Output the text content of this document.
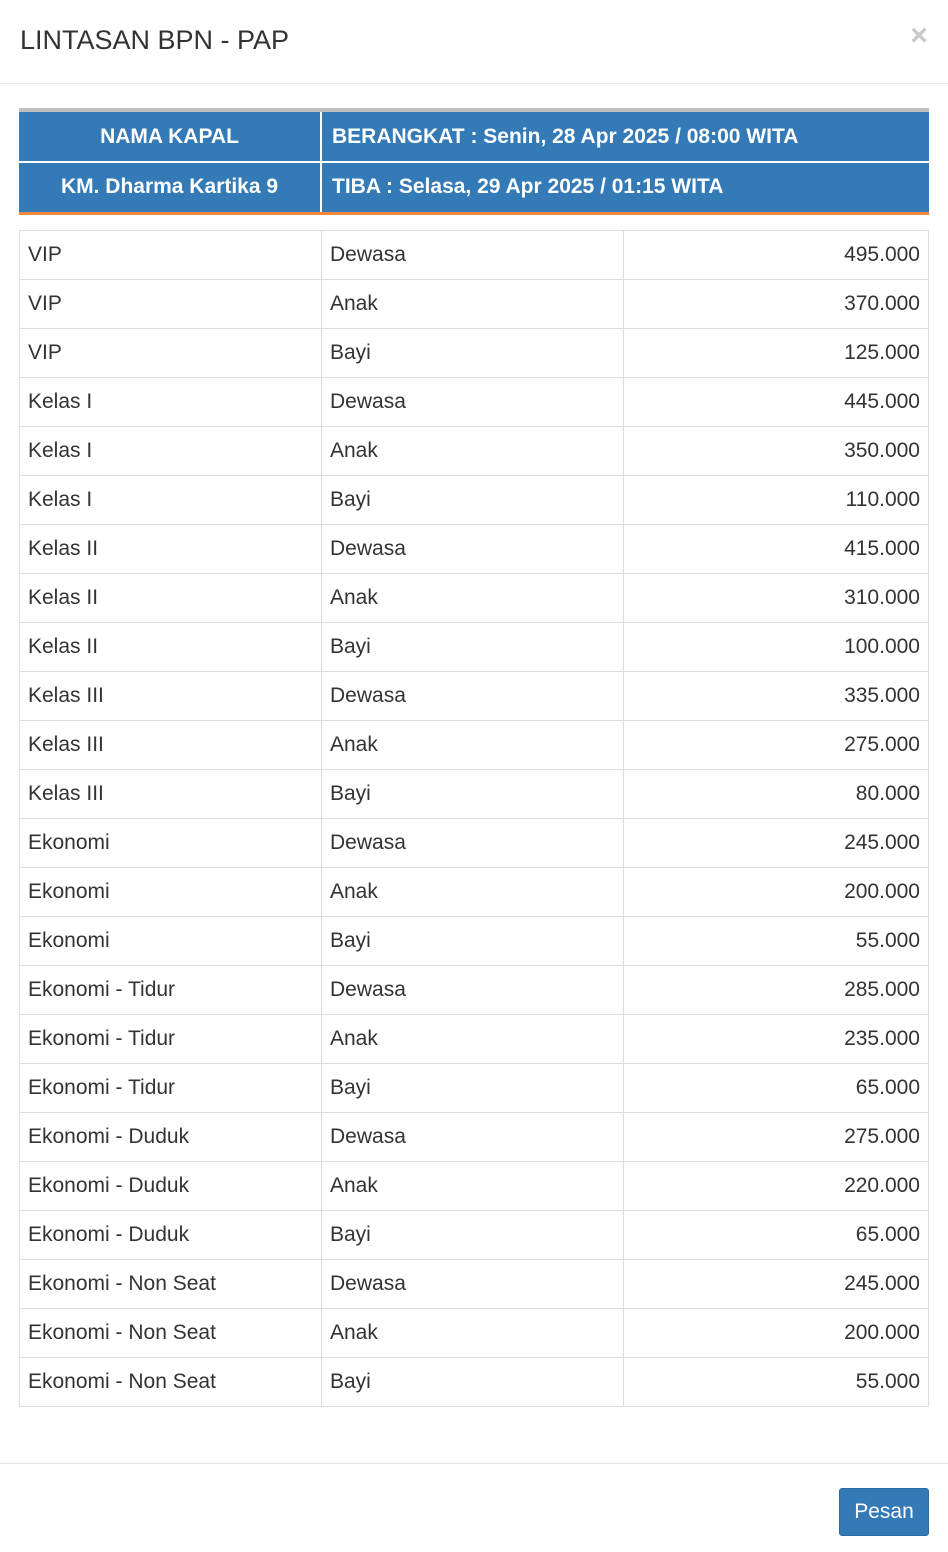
LINTASAN BPN - PAP	×
NAMA KAPAL	BERANGKAT : Senin, 28 Apr 2025 / 08:00 WITA
KM. Dharma Kartika 9	TIBA : Selasa, 29 Apr 2025 / 01:15 WITA
VIP	Dewasa	495.000
VIP	Anak	370.000
VIP	Bayi	125.000
Kelas I	Dewasa	445.000
Kelas I	Anak	350.000
Kelas I	Bayi	110.000
Kelas II	Dewasa	415.000
Kelas II	Anak	310.000
Kelas II	Bayi	100.000
Kelas III	Dewasa	335.000
Kelas III	Anak	275.000
Kelas III	Bayi	80.000
Ekonomi	Dewasa	245.000
Ekonomi	Anak	200.000
Ekonomi	Bayi	55.000
Ekonomi - Tidur	Dewasa	285.000
Ekonomi - Tidur	Anak	235.000
Ekonomi - Tidur	Bayi	65.000
Ekonomi - Duduk	Dewasa	275.000
Ekonomi - Duduk	Anak	220.000
Ekonomi - Duduk	Bayi	65.000
Ekonomi - Non Seat	Dewasa	245.000
Ekonomi - Non Seat	Anak	200.000
Ekonomi - Non Seat	Bayi	55.000
Pesan
